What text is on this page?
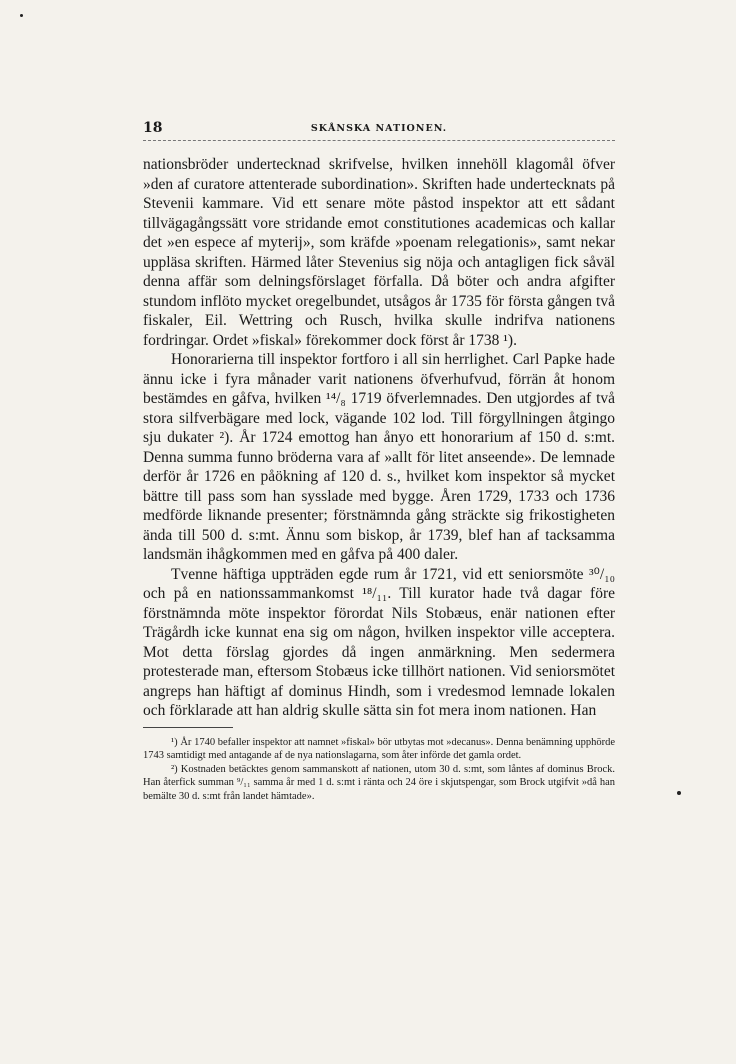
18	SKÅNSKA NATIONEN.

nationsbröder undertecknad skrifvelse, hvilken innehöll klagomål öfver »den af curatore attenterade subordination». Skriften hade undertecknats på Stevenii kammare. Vid ett senare möte påstod inspektor att ett sådant tillvägagångssätt vore stridande emot constitutiones academicas och kallar det »en espece af myterij», som kräfde »poenam relegationis», samt nekar uppläsa skriften. Härmed låter Stevenius sig nöja och antagligen fick såväl denna affär som delningsförslaget förfalla. Då böter och andra afgifter stundom inflöto mycket oregelbundet, utsågos år 1735 för första gången två fiskaler, Eil. Wettring och Rusch, hvilka skulle indrifva nationens fordringar. Ordet »fiskal» förekommer dock först år 1738 ¹).

Honorarierna till inspektor fortforo i all sin herrlighet. Carl Papke hade ännu icke i fyra månader varit nationens öfverhufvud, förrän åt honom bestämdes en gåfva, hvilken ¹⁴/₈ 1719 öfverlemnades. Den utgjordes af två stora silfverbägare med lock, vägande 102 lod. Till förgyllningen åtgingo sju dukater ²). År 1724 emottog han ånyo ett honorarium af 150 d. s:mt. Denna summa funno bröderna vara af »allt för litet anseende». De lemnade derför år 1726 en påökning af 120 d. s., hvilket kom inspektor så mycket bättre till pass som han sysslade med bygge. Åren 1729, 1733 och 1736 medförde liknande presenter; förstnämnda gång sträckte sig frikostigheten ända till 500 d. s:mt. Ännu som biskop, år 1739, blef han af tacksamma landsmän ihågkommen med en gåfva på 400 daler.

Tvenne häftiga uppträden egde rum år 1721, vid ett seniorsmöte ³⁰/₁₀ och på en nationssammankomst ¹⁸/₁₁. Till kurator hade två dagar före förstnämnda möte inspektor förordat Nils Stobæus, enär nationen efter Trägårdh icke kunnat ena sig om någon, hvilken inspektor ville acceptera. Mot detta förslag gjordes då ingen anmärkning. Men sedermera protesterade man, eftersom Stobæus icke tillhört nationen. Vid seniorsmötet angreps han häftigt af dominus Hindh, som i vredesmod lemnade lokalen och förklarade att han aldrig skulle sätta sin fot mera inom nationen. Han

¹) År 1740 befaller inspektor att namnet »fiskal» bör utbytas mot »decanus». Denna benämning upphörde 1743 samtidigt med antagande af de nya nationslagarna, som åter införde det gamla ordet.

²) Kostnaden betäcktes genom sammanskott af nationen, utom 30 d. s:mt, som låntes af dominus Brock. Han återfick summan ⁹/₁₁ samma år med 1 d. s:mt i ränta och 24 öre i skjutspengar, som Brock utgifvit »då han bemälte 30 d. s:mt från landet hämtade».
